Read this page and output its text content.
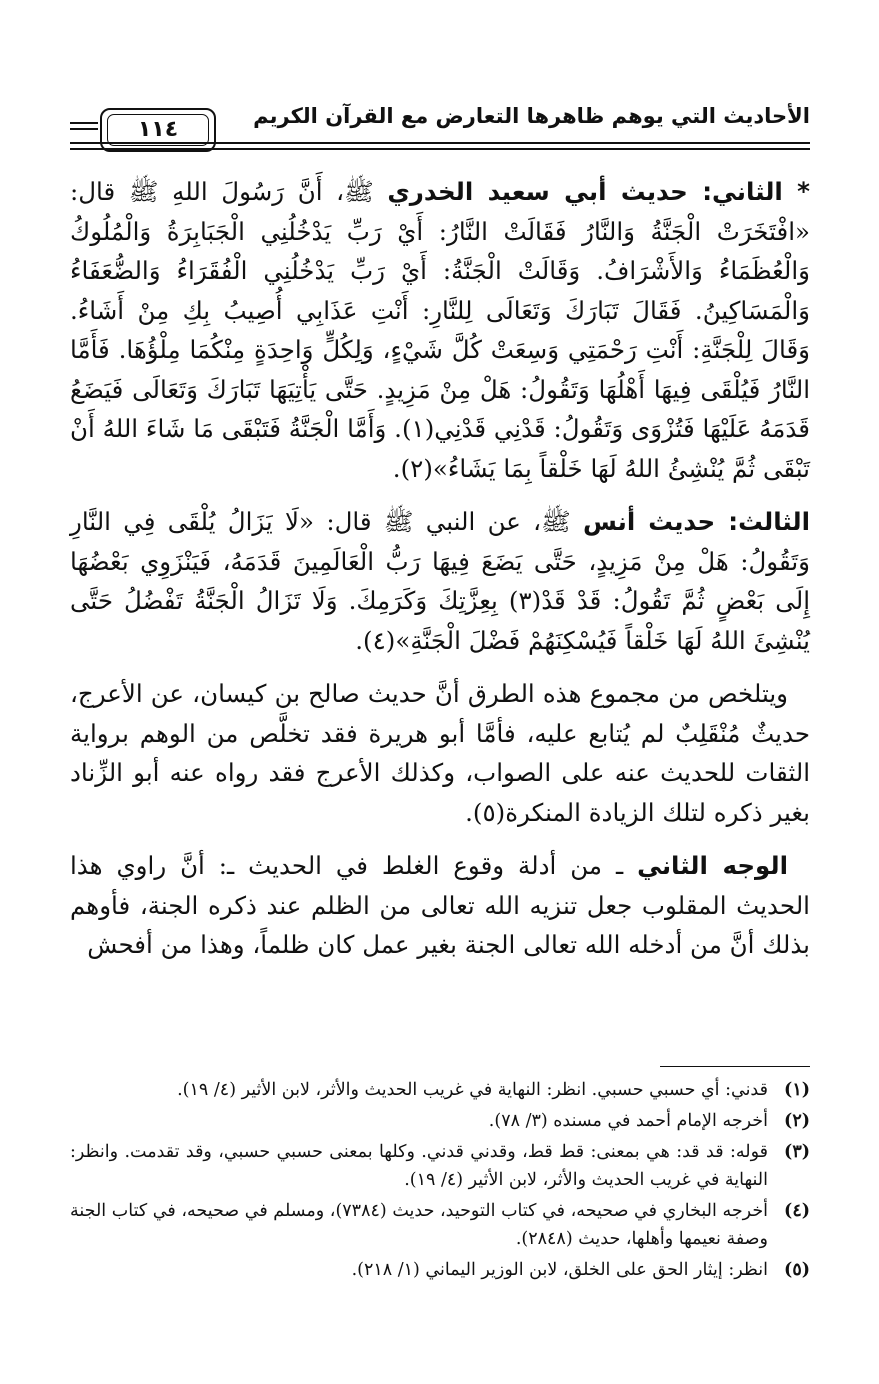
الأحاديث التي يوهم ظاهرها التعارض مع القرآن الكريم
١١٤

* الثاني: حديث أبي سعيد الخدري ﷺ، أَنَّ رَسُولَ اللهِ ﷺ قال: «افْتَخَرَتْ الْجَنَّةُ وَالنَّارُ فَقَالَتْ النَّارُ: أَيْ رَبِّ يَدْخُلُنِي الْجَبَابِرَةُ وَالْمُلُوكُ وَالْعُظَمَاءُ وَالأَشْرَافُ. وَقَالَتْ الْجَنَّةُ: أَيْ رَبِّ يَدْخُلُنِي الْفُقَرَاءُ وَالضُّعَفَاءُ وَالْمَسَاكِينُ. فَقَالَ تَبَارَكَ وَتَعَالَى لِلنَّارِ: أَنْتِ عَذَابِي أُصِيبُ بِكِ مِنْ أَشَاءُ. وَقَالَ لِلْجَنَّةِ: أَنْتِ رَحْمَتِي وَسِعَتْ كُلَّ شَيْءٍ، وَلِكُلٍّ وَاحِدَةٍ مِنْكُمَا مِلْؤُهَا. فَأَمَّا النَّارُ فَيُلْقَى فِيهَا أَهْلُهَا وَتَقُولُ: هَلْ مِنْ مَزِيدٍ. حَتَّى يَأْتِيَهَا تَبَارَكَ وَتَعَالَى فَيَضَعُ قَدَمَهُ عَلَيْهَا فَتُزْوَى وَتَقُولُ: قَدْنِي قَدْنِي(١). وَأَمَّا الْجَنَّةُ فَتَبْقَى مَا شَاءَ اللهُ أَنْ تَبْقَى ثُمَّ يُنْشِئُ اللهُ لَهَا خَلْقاً بِمَا يَشَاءُ»(٢).

الثالث: حديث أنس ﷺ، عن النبي ﷺ قال: «لَا يَزَالُ يُلْقَى فِي النَّارِ وَتَقُولُ: هَلْ مِنْ مَزِيدٍ، حَتَّى يَضَعَ فِيهَا رَبُّ الْعَالَمِينَ قَدَمَهُ، فَيَنْزَوِي بَعْضُهَا إِلَى بَعْضٍ ثُمَّ تَقُولُ: قَدْ قَدْ(٣) بِعِزَّتِكَ وَكَرَمِكَ. وَلَا تَزَالُ الْجَنَّةُ تَفْضُلُ حَتَّى يُنْشِئَ اللهُ لَهَا خَلْقاً فَيُسْكِنَهُمْ فَضْلَ الْجَنَّةِ»(٤).

ويتلخص من مجموع هذه الطرق أنَّ حديث صالح بن كيسان، عن الأعرج، حديثٌ مُنْقَلِبٌ لم يُتابع عليه، فأمَّا أبو هريرة فقد تخلَّص من الوهم برواية الثقات للحديث عنه على الصواب، وكذلك الأعرج فقد رواه عنه أبو الزِّناد بغير ذكره لتلك الزيادة المنكرة(٥).

الوجه الثاني ـ من أدلة وقوع الغلط في الحديث ـ: أنَّ راوي هذا الحديث المقلوب جعل تنزيه الله تعالى من الظلم عند ذكره الجنة، فأوهم بذلك أنَّ من أدخله الله تعالى الجنة بغير عمل كان ظلماً، وهذا من أفحش

(١)
قدني: أي حسبي حسبي. انظر: النهاية في غريب الحديث والأثر، لابن الأثير (٤/ ١٩).
(٢)
أخرجه الإمام أحمد في مسنده (٣/ ٧٨).
(٣)
قوله: قد قد: هي بمعنى: قط قط، وقدني قدني. وكلها بمعنى حسبي حسبي، وقد تقدمت. وانظر: النهاية في غريب الحديث والأثر، لابن الأثير (٤/ ١٩).
(٤)
أخرجه البخاري في صحيحه، في كتاب التوحيد، حديث (٧٣٨٤)، ومسلم في صحيحه، في كتاب الجنة وصفة نعيمها وأهلها، حديث (٢٨٤٨).
(٥)
انظر: إيثار الحق على الخلق، لابن الوزير اليماني (١/ ٢١٨).
